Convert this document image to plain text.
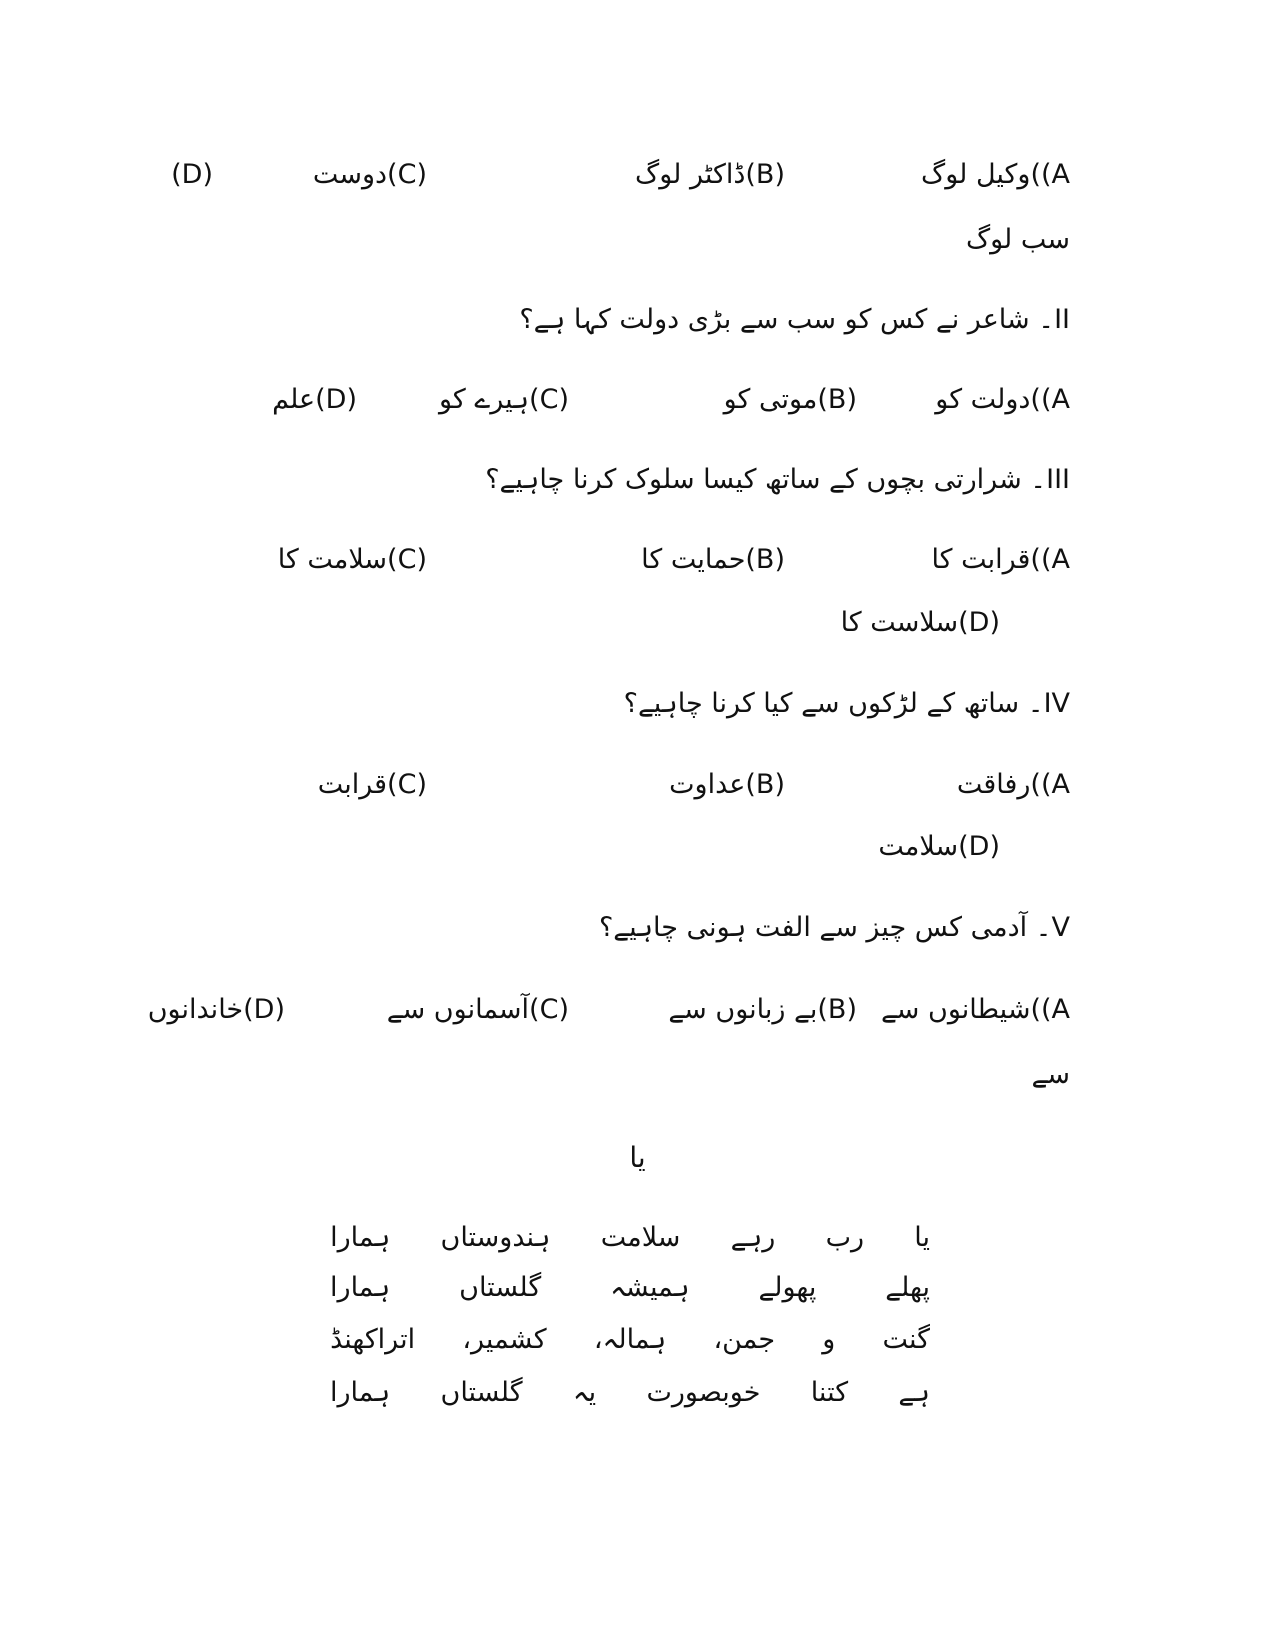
A))وکیل لوگ
(B)ڈاکٹر لوگ
(C)دوست
(D)
سب لوگ
II۔ شاعر نے کس کو سب سے بڑی دولت کہا ہے؟
A))دولت کو
(B)موتی کو
(C)ہیرے کو
(D)علم
III۔ شرارتی بچوں کے ساتھ کیسا سلوک کرنا چاہیے؟
A))قرابت کا
(B)حمایت کا
(C)سلامت کا
(D)سلاست کا
IV۔ ساتھ کے لڑکوں سے کیا کرنا چاہیے؟
A))رفاقت
(B)عداوت
(C)قرابت
(D)سلامت
V۔ آدمی کس چیز سے الفت ہونی چاہیے؟
A))شیطانوں سے
(B)بے زبانوں سے
(C)آسمانوں سے
(D)خاندانوں
سے
یا
یا
رب
رہے
سلامت
ہندوستاں
ہمارا
پھلے
پھولے
ہمیشہ
گلستاں
ہمارا
گنت
و
جمن،
ہمالہ،
کشمیر،
اتراکھنڈ
ہے
کتنا
خوبصورت
یہ
گلستاں
ہمارا
